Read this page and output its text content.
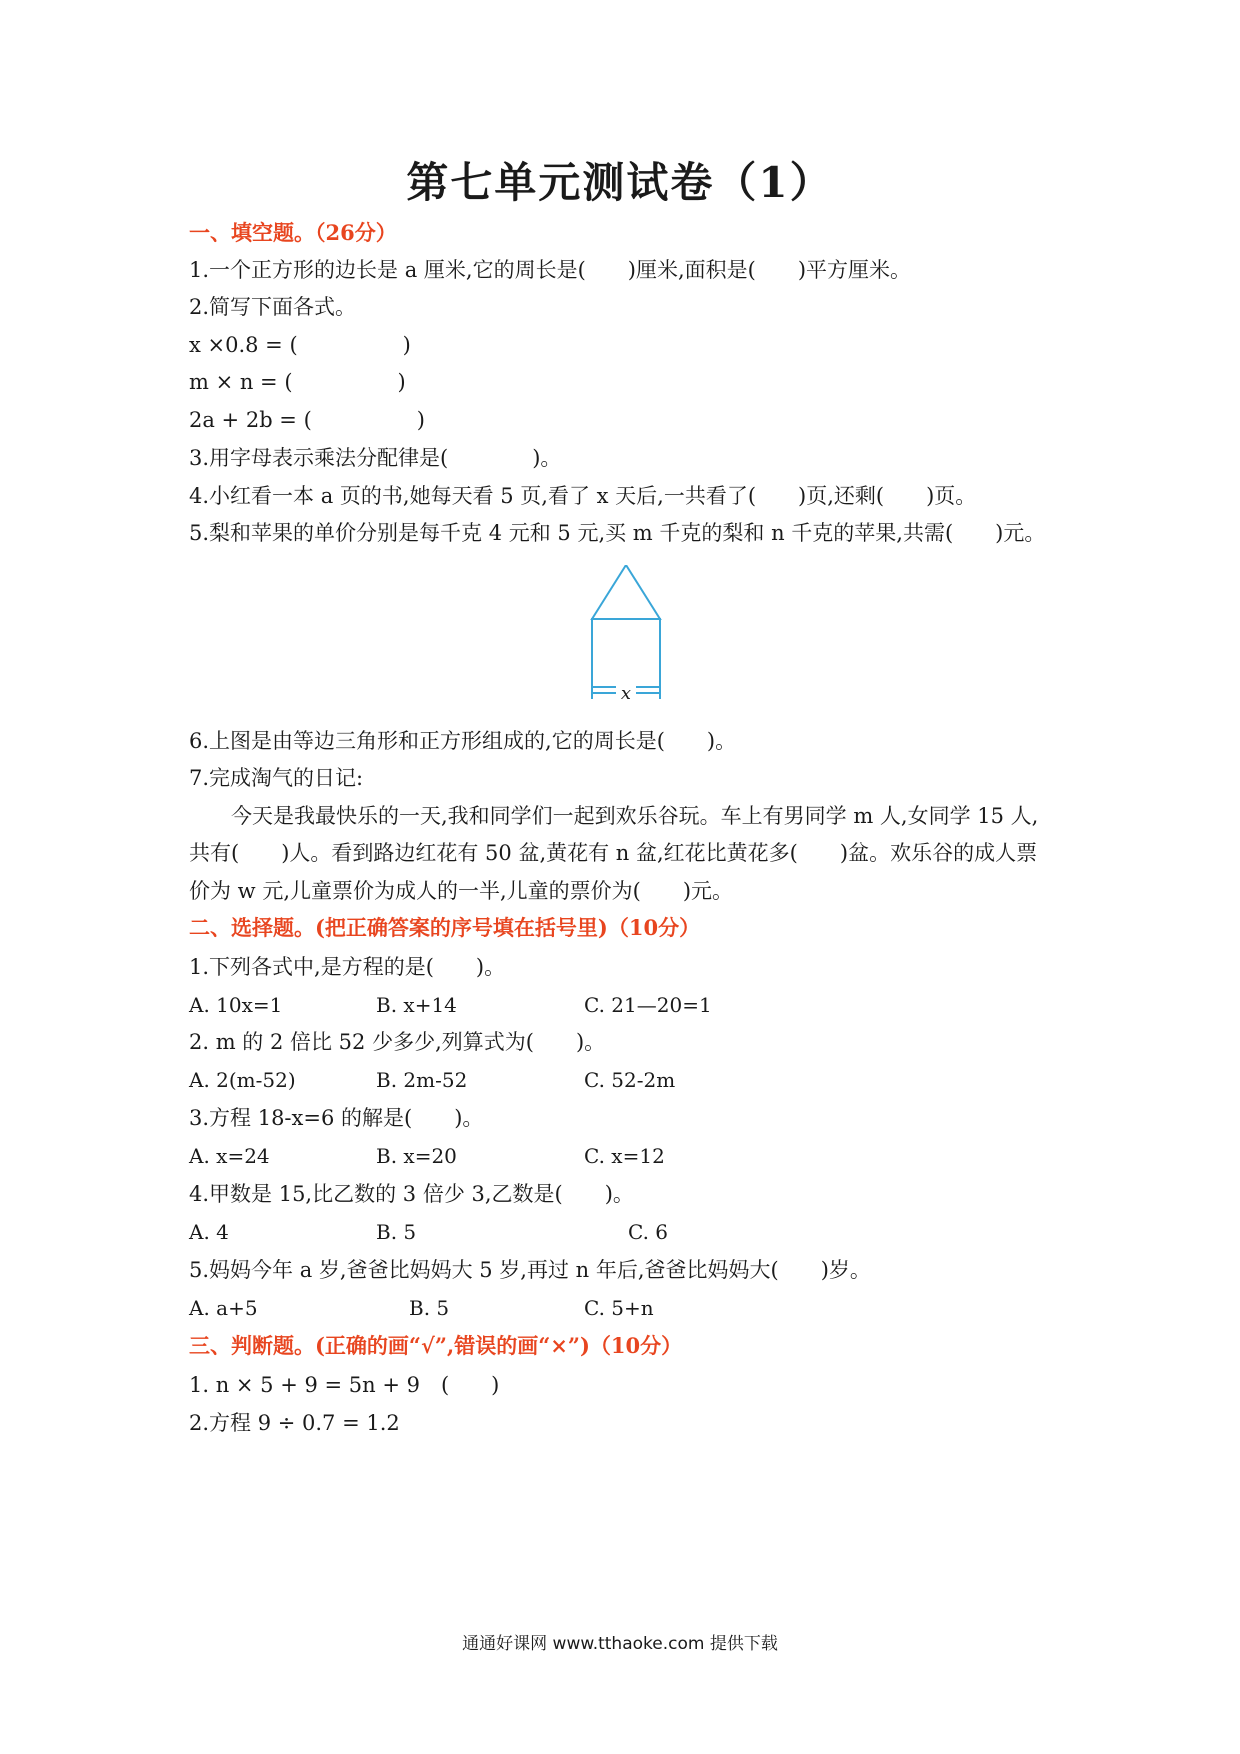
第七单元测试卷（1）
一、填空题。（26分）
1.一个正方形的边长是 a 厘米,它的周长是(　　)厘米,面积是(　　)平方厘米。
2.简写下面各式。
x ×0.8 = (　　　　　)
m × n = (　　　　　)
2a + 2b = (　　　　　)
3.用字母表示乘法分配律是(　　　　)。
4.小红看一本 a 页的书,她每天看 5 页,看了 x 天后,一共看了(　　)页,还剩(　　)页。
5.梨和苹果的单价分别是每千克 4 元和 5 元,买 m 千克的梨和 n 千克的苹果,共需(　　)元。
x
6.上图是由等边三角形和正方形组成的,它的周长是(　　)。
7.完成淘气的日记:
今天是我最快乐的一天,我和同学们一起到欢乐谷玩。车上有男同学 m 人,女同学 15 人,
共有(　　)人。看到路边红花有 50 盆,黄花有 n 盆,红花比黄花多(　　)盆。欢乐谷的成人票
价为 w 元,儿童票价为成人的一半,儿童的票价为(　　)元。
二、选择题。(把正确答案的序号填在括号里)（10分）
1.下列各式中,是方程的是(　　)。
A. 10x=1	B. x+14	C. 21—20=1
2. m 的 2 倍比 52 少多少,列算式为(　　)。
A. 2(m-52)	B. 2m-52	C. 52-2m
3.方程 18-x=6 的解是(　　)。
A. x=24	B. x=20	C. x=12
4.甲数是 15,比乙数的 3 倍少 3,乙数是(　　)。
A. 4	B. 5	C. 6
5.妈妈今年 a 岁,爸爸比妈妈大 5 岁,再过 n 年后,爸爸比妈妈大(　　)岁。
A. a+5	B. 5	C. 5+n
三、判断题。(正确的画“√”,错误的画“×”)（10分）
1. n × 5 + 9 = 5n + 9　(　　)
2.方程 9 ÷ 0.7 = 1.2
通通好课网 www.tthaoke.com 提供下载
